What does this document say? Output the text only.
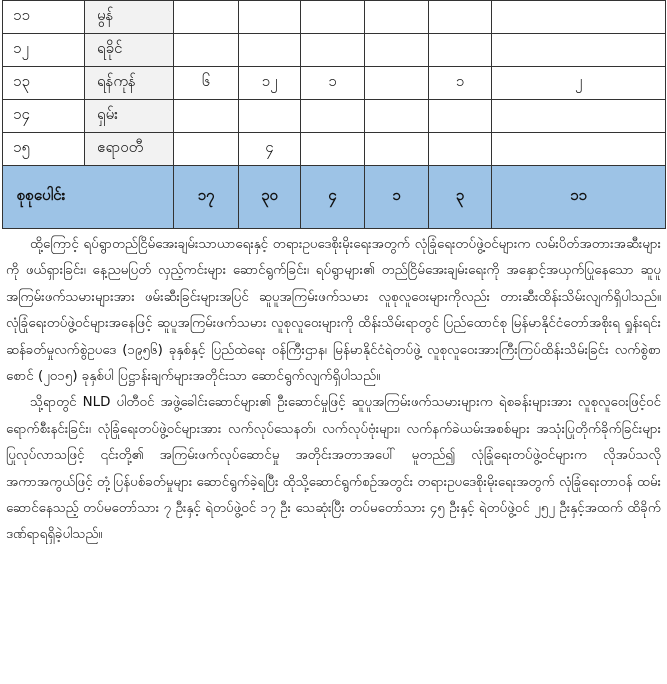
၁၁	မွန်							
၁၂	ရခိုင်							
၁၃	ရန်ကုန်	၆	၁၂	၁		၁	၂	
၁၄	ရှမ်း							
၁၅	ဧရာဝတီ		၄					
စုစုပေါင်း		၁၇	၃၀	၄	၁	၃	၁၁	

ထို့ကြောင့် ရပ်ရွာတည်ငြိမ်အေးချမ်းသာယာရေးနှင့် တရားဥပဒေစိုးမိုးရေးအတွက် လုံခြုံရေးတပ်ဖွဲ့ဝင်များက လမ်းပိတ်အတားအဆီးများကို ဖယ်ရှားခြင်း၊ နေ့ညမပြတ် လှည့်ကင်းများ ဆောင်ရွက်ခြင်း၊ ရပ်ရွာများ၏ တည်ငြိမ်အေးချမ်းရေးကို အနှောင့်အယှက်ပြုနေသော ဆူပူအကြမ်းဖက်သမားများအား ဖမ်းဆီးခြင်းများအပြင် ဆူပူအကြမ်းဖက်သမား လူစုလူဝေးများကိုလည်း တားဆီးထိန်းသိမ်းလျက်ရှိပါသည်။ လုံခြုံရေးတပ်ဖွဲ့ဝင်များအနေဖြင့် ဆူပူအကြမ်းဖက်သမား လူစုလူဝေးများကို ထိန်းသိမ်းရာတွင် ပြည်ထောင်စု မြန်မာနိုင်ငံတော်အစိုးရ ရှုန်းရင်းဆန်ခတ်မှုလက်စွဲဥပဒေ (၁၉၅၆) ခုနှစ်နှင့် ပြည်ထဲရေး ဝန်ကြီးဌာန၊ မြန်မာနိုင်ငံရဲတပ်ဖွဲ့ လူစုလူဝေးအားကြီးကြပ်ထိန်းသိမ်းခြင်း လက်စွဲစာစောင် (၂၀၁၅) ခုနှစ်ပါ ပြဋ္ဌာန်းချက်များအတိုင်းသာ ဆောင်ရွက်လျက်ရှိပါသည်။

သို့ရာတွင် NLD ပါတီဝင် အဖွဲ့ခေါင်းဆောင်များ၏ ဦးဆောင်မှုဖြင့် ဆူပူအကြမ်းဖက်သမားများက ရဲစခန်းများအား လူစုလူဝေးဖြင့်ဝင်ရောက်စီးနင်းခြင်း၊ လုံခြုံရေးတပ်ဖွဲ့ဝင်များအား လက်လုပ်သေနတ်၊ လက်လုပ်ဗုံးများ၊ လက်နက်ခဲယမ်းအစစ်များ အသုံးပြုတိုက်ခိုက်ခြင်းများပြုလုပ်လာသဖြင့် ၎င်းတို့၏ အကြမ်းဖက်လုပ်ဆောင်မှု အတိုင်းအတာအပေါ် မူတည်၍ လုံခြုံရေးတပ်ဖွဲ့ဝင်များက လိုအပ်သလို အကာအကွယ်ဖြင့် တုံ့ပြန်ပစ်ခတ်မှုများ ဆောင်ရွက်ခဲ့ရပြီး ထိုသို့ဆောင်ရွက်စဉ်အတွင်း တရားဥပဒေစိုးမိုးရေးအတွက် လုံခြုံရေးတာဝန် ထမ်းဆောင်နေသည့် တပ်မတော်သား ၇ ဦးနှင့် ရဲတပ်ဖွဲ့ဝင် ၁၇ ဦး သေဆုံးပြီး တပ်မတော်သား ၄၅ ဦးနှင့် ရဲတပ်ဖွဲ့ဝင် ၂၅၂ ဦးနှင့်အထက် ထိခိုက်ဒဏ်ရာရရှိခဲ့ပါသည်။
